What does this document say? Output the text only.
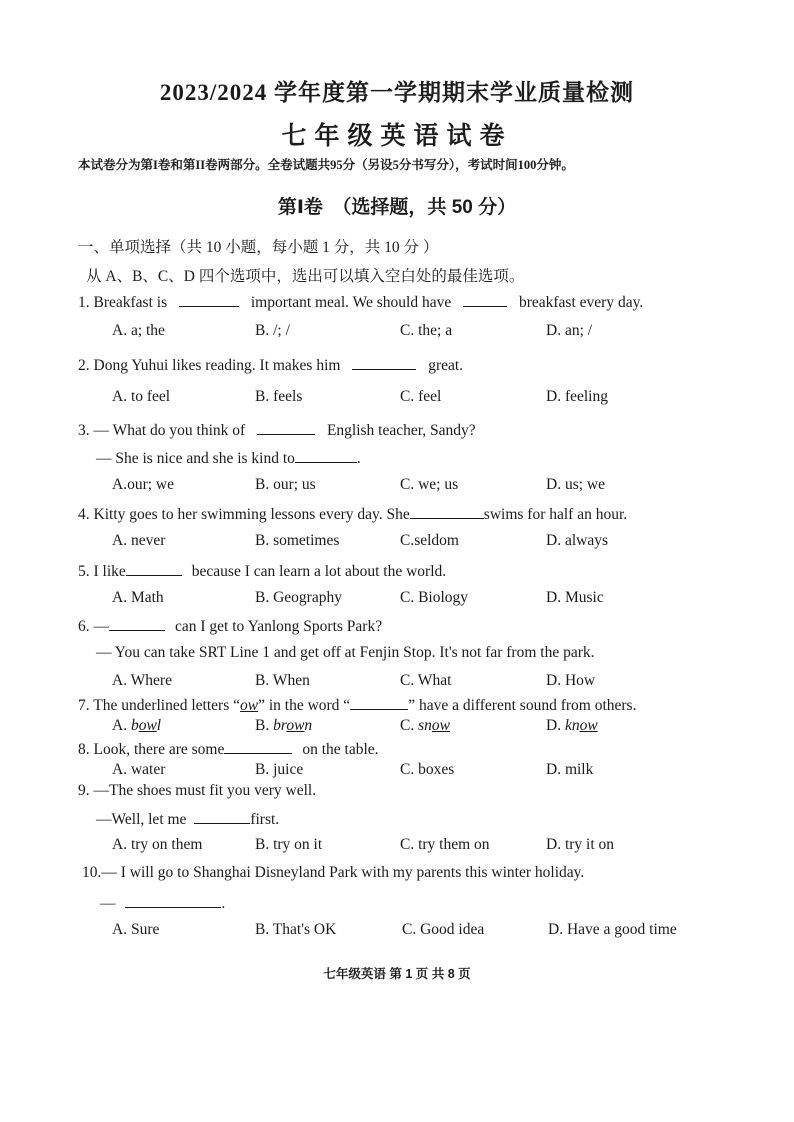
2023/2024 学年度第一学期期末学业质量检测
七年级英语试卷
本试卷分为第I卷和第II卷两部分。全卷试题共95分（另设5分书写分），考试时间100分钟。
第Ⅰ卷　（选择题，共 50 分）
一、单项选择（共 10 小题，每小题 1 分，共 10 分 ）
从 A、B、C、D 四个选项中，选出可以填入空白处的最佳选项。
1. Breakfast is	important meal. We should have	breakfast every day.
A. a; the	B. /; /	C. the; a	D. an; /
2. Dong Yuhui likes reading. It makes him	great.
A. to feel	B. feels	C. feel	D. feeling
3. — What do you think of	English teacher, Sandy?
— She is nice and she is kind to	.
A.our; we	B. our; us	C. we; us	D. us; we
4. Kitty goes to her swimming lessons every day. She	swims for half an hour.
A. never	B. sometimes	C.seldom	D. always
5. I like	because I can learn a lot about the world.
A. Math	B. Geography	C. Biology	D. Music
6. —	can I get to Yanlong Sports Park?
— You can take SRT Line 1 and get off at Fenjin Stop. It's not far from the park.
A. Where	B. When	C. What	D. How
7. The underlined letters “ow” in the word “	” have a different sound from others.
A. bowl	B. brown	C. snow	D. know
8. Look, there are some	on the table.
A. water	B. juice	C. boxes	D. milk
9. —The shoes must fit you very well.
—Well, let me	first.
A. try on them	B. try on it	C. try them on	D. try it on
10.— I will go to Shanghai Disneyland Park with my parents this winter holiday.
—	.
A. Sure	B. That's OK	C. Good idea	D. Have a good time
七年级英语 第 1 页 共 8 页
